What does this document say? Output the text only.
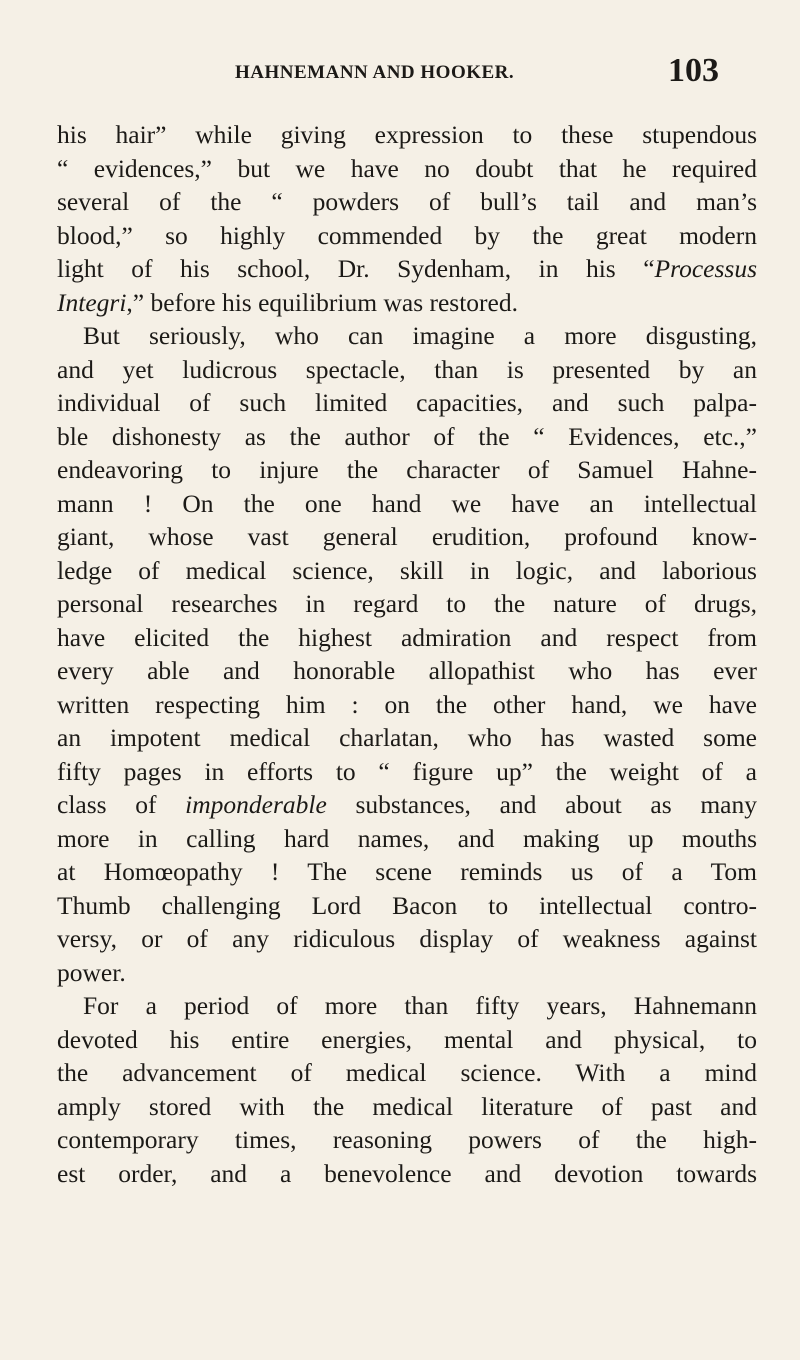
HAHNEMANN AND HOOKER.	103
his hair” while giving expression to these stupendous
“ evidences,” but we have no doubt that he required
several of the “ powders of bull’s tail and man’s
blood,” so highly commended by the great modern
light of his school, Dr. Sydenham, in his “Processus
Integri,” before his equilibrium was restored.
But seriously, who can imagine a more disgusting,
and yet ludicrous spectacle, than is presented by an
individual of such limited capacities, and such palpa-
ble dishonesty as the author of the “ Evidences, etc.,”
endeavoring to injure the character of Samuel Hahne-
mann ! On the one hand we have an intellectual
giant, whose vast general erudition, profound know-
ledge of medical science, skill in logic, and laborious
personal researches in regard to the nature of drugs,
have elicited the highest admiration and respect from
every able and honorable allopathist who has ever
written respecting him : on the other hand, we have
an impotent medical charlatan, who has wasted some
fifty pages in efforts to “ figure up” the weight of a
class of imponderable substances, and about as many
more in calling hard names, and making up mouths
at Homœopathy ! The scene reminds us of a Tom
Thumb challenging Lord Bacon to intellectual contro-
versy, or of any ridiculous display of weakness against
power.
For a period of more than fifty years, Hahnemann
devoted his entire energies, mental and physical, to
the advancement of medical science. With a mind
amply stored with the medical literature of past and
contemporary times, reasoning powers of the high-
est order, and a benevolence and devotion towards
